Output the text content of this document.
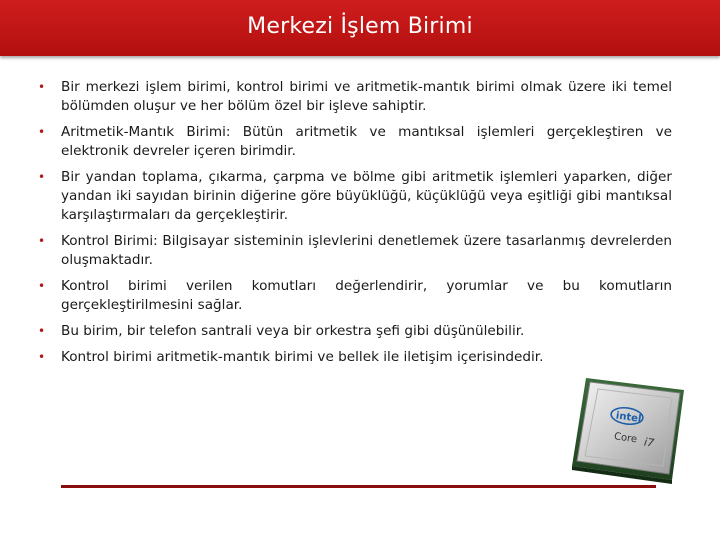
Merkezi İşlem Birimi
• Bir merkezi işlem birimi, kontrol birimi ve aritmetik-mantık birimi olmak üzere iki temel bölümden oluşur ve her bölüm özel bir işleve sahiptir.
• Aritmetik-Mantık Birimi: Bütün aritmetik ve mantıksal işlemleri gerçekleştiren ve elektronik devreler içeren birimdir.
• Bir yandan toplama, çıkarma, çarpma ve bölme gibi aritmetik işlemleri yaparken, diğer yandan iki sayıdan birinin diğerine göre büyüklüğü, küçüklüğü veya eşitliği gibi mantıksal karşılaştırmaları da gerçekleştirir.
• Kontrol Birimi: Bilgisayar sisteminin işlevlerini denetlemek üzere tasarlanmış devrelerden oluşmaktadır.
• Kontrol birimi verilen komutları değerlendirir, yorumlar ve bu komutların gerçekleştirilmesini sağlar.
• Bu birim, bir telefon santrali veya bir orkestra şefi gibi düşünülebilir.
• Kontrol birimi aritmetik-mantık birimi ve bellek ile iletişim içerisindedir.
intel
Core i7
